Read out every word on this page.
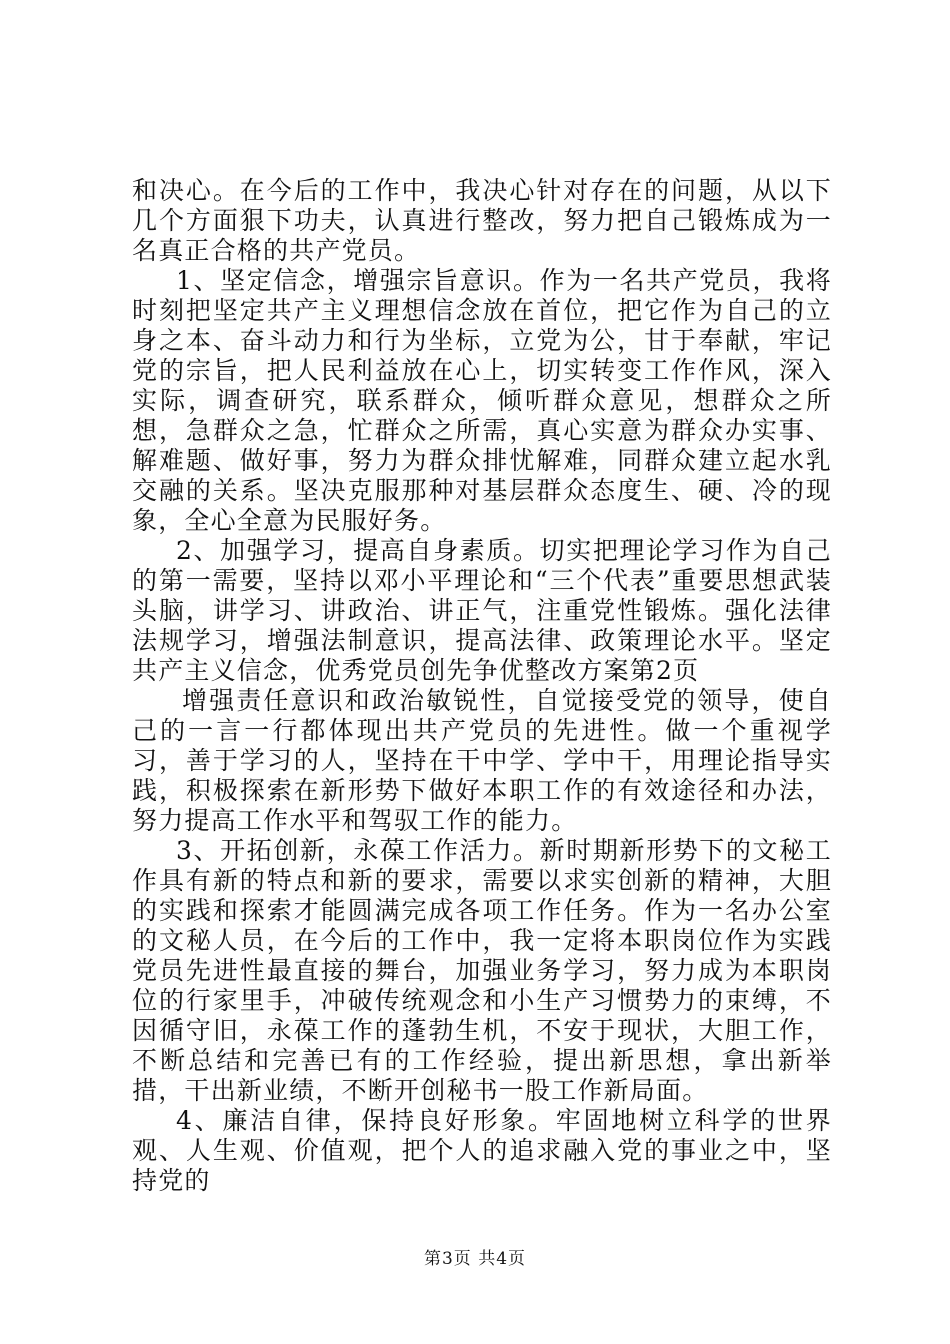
和决心。在今后的工作中，我决心针对存在的问题，从以下几个方面狠下功夫，认真进行整改，努力把自己锻炼成为一名真正合格的共产党员。

1、坚定信念，增强宗旨意识。作为一名共产党员，我将时刻把坚定共产主义理想信念放在首位，把它作为自己的立身之本、奋斗动力和行为坐标，立党为公，甘于奉献，牢记党的宗旨，把人民利益放在心上，切实转变工作作风，深入实际，调查研究，联系群众，倾听群众意见，想群众之所想，急群众之急，忙群众之所需，真心实意为群众办实事、解难题、做好事，努力为群众排忧解难，同群众建立起水乳交融的关系。坚决克服那种对基层群众态度生、硬、冷的现象，全心全意为民服好务。

2、加强学习，提高自身素质。切实把理论学习作为自己的第一需要，坚持以邓小平理论和“三个代表”重要思想武装头脑，讲学习、讲政治、讲正气，注重党性锻炼。强化法律法规学习，增强法制意识，提高法律、政策理论水平。坚定共产主义信念，优秀党员创先争优整改方案第2页

增强责任意识和政治敏锐性，自觉接受党的领导，使自己的一言一行都体现出共产党员的先进性。做一个重视学习，善于学习的人，坚持在干中学、学中干，用理论指导实践，积极探索在新形势下做好本职工作的有效途径和办法，努力提高工作水平和驾驭工作的能力。

3、开拓创新，永葆工作活力。新时期新形势下的文秘工作具有新的特点和新的要求，需要以求实创新的精神，大胆的实践和探索才能圆满完成各项工作任务。作为一名办公室的文秘人员，在今后的工作中，我一定将本职岗位作为实践党员先进性最直接的舞台，加强业务学习，努力成为本职岗位的行家里手，冲破传统观念和小生产习惯势力的束缚，不因循守旧，永葆工作的蓬勃生机，不安于现状，大胆工作，不断总结和完善已有的工作经验，提出新思想，拿出新举措，干出新业绩，不断开创秘书一股工作新局面。

4、廉洁自律，保持良好形象。牢固地树立科学的世界观、人生观、价值观，把个人的追求融入党的事业之中，坚持党的

第3页 共4页
